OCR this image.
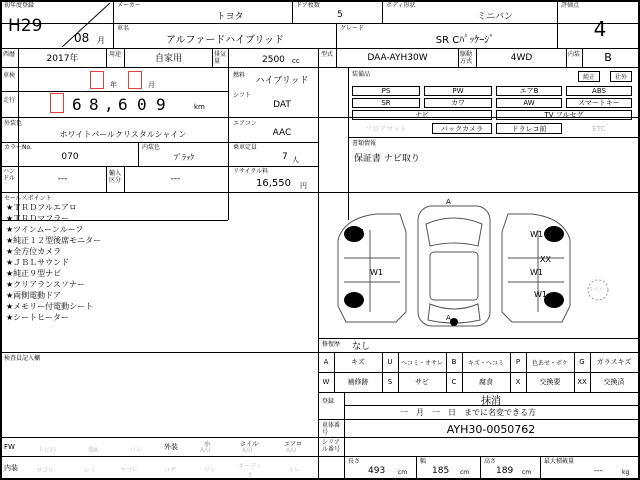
初年度登録
H29
08 月
メーカー
トヨタ
ドア枚数
5
ボディ形状
ミニバン
評価点
4
車名
アルファードハイブリッド
グレード
SR Cﾊﾟｯｹｰｼﾞ
西暦	2017年	用途	自家用	排気量	2500 cc
型式	DAA-AYH30W	駆動方式	4WD	内装	B
車検
年	月
走行	6 8 , 6 0 9	km
燃料	ハイブリッド
シフト
DAT
外装色
ホワイトパールクリスタルシャイン
エアコン
AAC
カラーNo.
070
内装色
ﾌﾞﾗｯｸ
乗車定員
7 人
ハンドル	---
輸入区分	---
リサイクル料
16,550 円
装備品	純正	社外
PS	PW	エアB	ABS
SR	カワ	AW	スマートキー
ナビ	TV フルセグ
フロアマット	バックカメラ	ドラレコ前	ETC
書類情報
保証書 ナビ取り
セールスポイント
★ＴＲＤフルエアロ
★ＴＲＤマフラー
★ツインムーンルーフ
★純正１２型後席モニター
★全方位カメラ
★ＪＢＬサウンド
★純正９型ナビ
★クリアランスソナー
★両側電動ドア
★メモリー付電動シート
★シートヒーター
スペア
A
W1
W1
XX
W1
A
W1
W1
修復歴 なし
A	キズ	U	ヘコミ・オサレ	B	キズ・ヘコミ	P	色あせ・ボケ	G	ガラスキズ
W	補修跡	S	サビ	C	腐食	X	交換要	XX	交換済
検査員記入欄
登録	抹消
一 月 一 日 までに名変できる方
車体番号	AYH30-0050762
シリアル番号
FW	トビ石	傷A	ワレ	外装	小
A/U
ホイル
A/U
エアロ
A/U
内装	ヨゴレ	シミ	ヤブレ	コゲ	ワレ
オーディオ
ヌレ
長さ
493 cm
幅
185 cm
高さ
189 cm
最大積載量
---	kg
